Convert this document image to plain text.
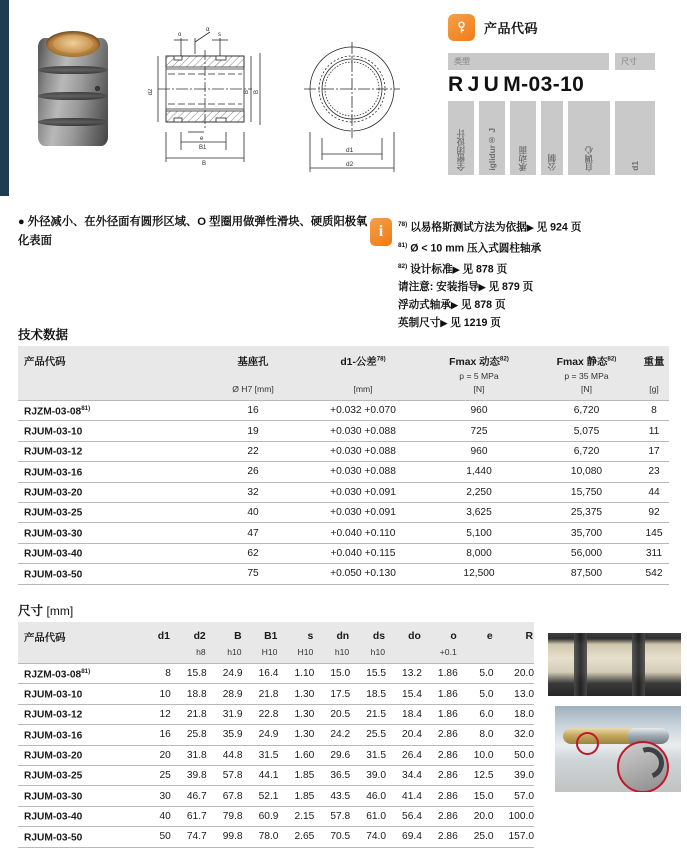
o
α
s
d2	B B
e
B1
B
d1
d2
● 外径减小、在外径面有圆形区域、O 型圈用做弹性滑块、硬质阳极氧化表面
产品代码
类型	尺寸
R J U M-03-10
全密闭设计	iglidur® J	承动面 公制	自调心	d1
i	$^{78)}$ 以易格斯测试方法为依据▶ 见 924 页
$^{81)}$ Ø < 10 mm 压入式圆柱轴承
$^{82)}$ 设计标准▶ 见 878 页
请注意: 安装指导▶ 见 879 页
浮动式轴承▶ 见 878 页
英制尺寸▶ 见 1219 页
技术数据
产品代码	基座孔	d1-公差$^{78)}$	Fmax 动态$^{82)}$	Fmax 静态$^{82)}$	重量
			p = 5 MPa	p = 35 MPa	
	Ø H7 [mm]	[mm]	[N]	[N]	[g]
RJZM-03-08$^{81)}$	16	+0.032 +0.070	960	6,720	8
RJUM-03-10	19	+0.030 +0.088	725	5,075	11
RJUM-03-12	22	+0.030 +0.088	960	6,720	17
RJUM-03-16	26	+0.030 +0.088	1,440	10,080	23
RJUM-03-20	32	+0.030 +0.091	2,250	15,750	44
RJUM-03-25	40	+0.030 +0.091	3,625	25,375	92
RJUM-03-30	47	+0.040 +0.110	5,100	35,700	145
RJUM-03-40	62	+0.040 +0.115	8,000	56,000	311
RJUM-03-50	75	+0.050 +0.130	12,500	87,500	542
尺寸 [mm]
产品代码	d1	d2	B	B1	s	dn	ds	do	o	e	R
		h8	h10	H10	H10	h10	h10		+0.1		
RJZM-03-08$^{81)}$	8	15.8	24.9	16.4	1.10	15.0	15.5	13.2	1.86	5.0	20.0
RJUM-03-10	10	18.8	28.9	21.8	1.30	17.5	18.5	15.4	1.86	5.0	13.0
RJUM-03-12	12	21.8	31.9	22.8	1.30	20.5	21.5	18.4	1.86	6.0	18.0
RJUM-03-16	16	25.8	35.9	24.9	1.30	24.2	25.5	20.4	2.86	8.0	32.0
RJUM-03-20	20	31.8	44.8	31.5	1.60	29.6	31.5	26.4	2.86	10.0	50.0
RJUM-03-25	25	39.8	57.8	44.1	1.85	36.5	39.0	34.4	2.86	12.5	39.0
RJUM-03-30	30	46.7	67.8	52.1	1.85	43.5	46.0	41.4	2.86	15.0	57.0
RJUM-03-40	40	61.7	79.8	60.9	2.15	57.8	61.0	56.4	2.86	20.0	100.0
RJUM-03-50	50	74.7	99.8	78.0	2.65	70.5	74.0	69.4	2.86	25.0	157.0
